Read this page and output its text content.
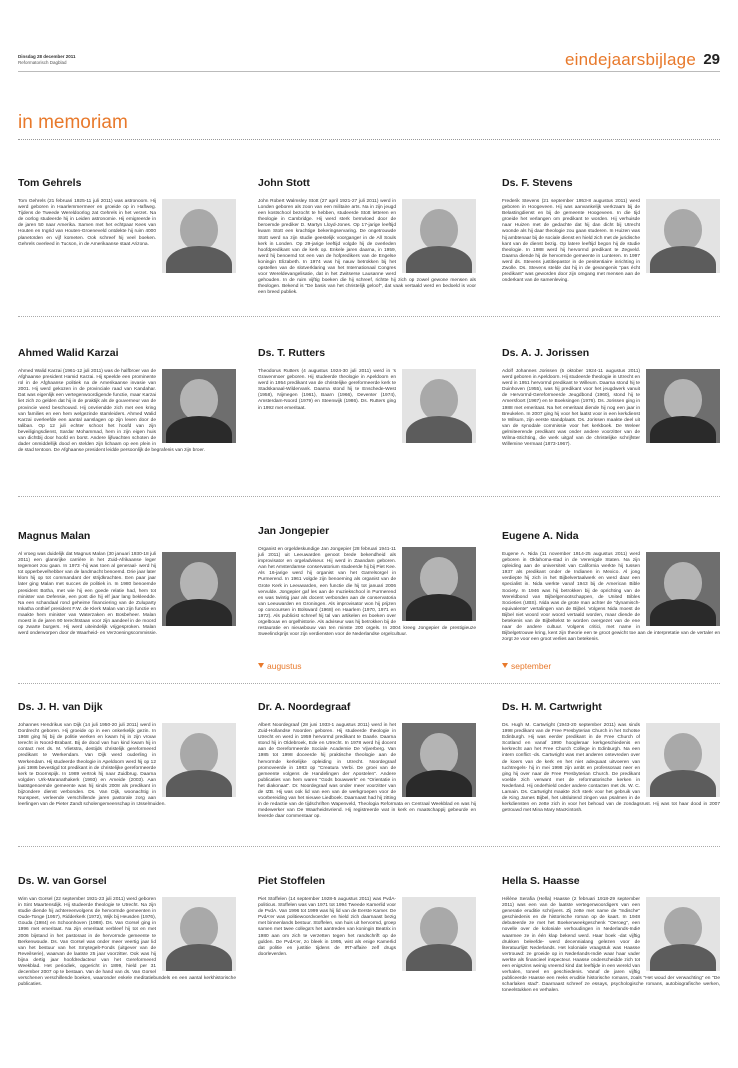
Dinsdag 28 december 2011
Reformatorisch Dagblad	eindejaarsbijlage 29
in memoriam
Tom Gehrels

Tom Gehrels (21 februari 1925-11 juli 2011) was astronoom. Hij werd geboren in Haarlemmermeer en groeide op in Haflweg. Tijdens de Tweede Wereldoorlog zat Gehrels in het verzet. Na de oorlog studeerde hij in Leiden astronomie. Hij emigreerde in de jaren 50 naar Amerika. Samen met het echtpaar Kees van Houten en Ingrid van Houten-Groeneveld ontdekte hij ruim 4000 planetoïden en vijf kometen. Ook schreef hij veel boeken. Gehrels overleed in Tucson, in de Amerikaanse staat Arizona.

John Stott

John Robert Walmsley Stott (27 april 1921-27 juli 2011) werd in Londen geboren als zoon van een militaire arts. Na in zijn jeugd een kostschool bezocht te hebben, studeerde Stott letteren en theologie in Cambridge. Hij werd sterk beïnvloed door de beroemde prediker D. Martyn Lloyd-Jones. Op 17-jarige leeftijd kwam Stott een krachtige bekeringservaring. De ongetrouwde Stott werd na zijn studie geestelijk voorganger in de All Souls kerk in Londen. Op 29-jarige leeftijd volgde hij de overleden hoofdpredikant van de kerk op. Enkele jaren daarna, in 1959, werd hij benoemd tot een van de hofpredikers van de Engelse koningin Elizabeth. In 1974 was hij nauw betrokken bij het opstellen van de slotverklaring van het Internationaal Congres voor Wereldevangelisatie, dat in het Zwitserse Lausanne werd gehouden. In de ruim vijftig boeken die hij schreef, richtte hij zich op zowel gewone mensen als theologen. Bekend is "De basis van het christelijk geloof", dat vaak vertaald werd en bedoeld is voor een breed publiek.

Ds. F. Stevens

Frederik Stevens (21 september 1953-8 augustus 2011) werd geboren in Hoogeveen. Hij was aanvankelijk werkzaam bij de Belastingdienst en bij de gemeente Hoogeveen. In die tijd groeide het verlangen om predikant te worden. Hij verhuisde naar Huizen met de gedachte dat hij dan dicht bij Utrecht woonde als hij daar theologie zou gaan studeren. In Huizen was hij ambtenaar bij de sociale dienst en hield zich met de juridische kant van de dienst bezig. Op latere leeftijd begon hij de studie theologie. In 1988 werd hij hervormd predikant te Zegveld. Daarna diende hij de hervormde gemeente in Lunteren. In 1997 werd ds. Stevens justitiepastor in de penitentiaire inrichting in Zwolle. Ds. Stevens stelde dat hij in de gevangenis "pas écht predikant" was geworden door zijn omgang met mensen aan de onderkant van de samenleving.

Ahmed Walid Karzai

Ahmed Walid Karzai (1961-12 juli 2011) was de halfbroer van de Afghaanse president Hamid Karzai. Hij speelde een prominente rol in de Afghaanse politiek na de Amerikaanse invasie van 2001. Hij werd gekozen in de provinciale raad van Kandahar. Dat was eigenlijk een vertegenwoordigende functie, maar Karzai liet zich zo gelden dat hij in de praktijk als de gouverneur van de provincie werd beschouwd. Hij onvriendde zich met een kring van families en een hem welgezinde stamleiders. Ahmed Walid Karzai overleefde een aantal aanslagen op zijn leven door de taliban. Op 12 juli echter schoot het hoofd van zijn beveiligingsdienst, Sardar Mohammad, hem in zijn eigen huis van dichtbij door hoofd en borst. Andere lijfwachten schoten de dader onmiddellijk dood en stelden zijn lichaam op een plein in de stad tentoon. De Afghaanse president leidde persoonlijk de begrafenis van zijn broer.

Ds. T. Rutters

Theodorus Rutters (4 augustus 1924-30 juli 2011) werd in 's Gravenmoer geboren. Hij studeerde theologie in Apeldoorn en werd in 1954 predikant van de christelijke gereformeerde kerk te Stadskanaal-Wildervank. Daarna stond hij te Enschede-West (1958), Nijmegen (1961), Baarn (1966), Deventer (1974), Amsterdam-Noord (1979) en Steenwijk (1986). Ds. Rutters ging in 1992 met emeritaat.

Ds. A. J. Jorissen

Adolf Johannes Jorissen (5 oktober 1924-11 augustus 2011) werd geboren in Apeldoorn. Hij studeerde theologie in Utrecht en werd in 1951 hervormd predikant te Willeum. Daarna stond hij te Duinhoven (1955), was hij predikant voor het jeugdwerk vanuit de Hervormd-Gereformeerde Jeugdbond (1960), stond hij te Amersfoort (1967) en te Boeksingen (1976). Ds. Jorissen ging in 1988 met emeritaat. Na het emeritaat diende hij nog een jaar in Breukelen. In 2007 ging hij voor het laatst voor in een kerkdienst te Wilsum, zijn eerste standplaats. Ds. Jorissen maakte deel uit van de synodale commissie voor het kerkboek. De Weleer gelmiteerende predikant was onder andere voorzitter van de Wilma-Stichting, die werk uitgaf van de christelijke schrijfster Willemine Vermaat (1873-1967).

Magnus Malan

Al vroeg was duidelijk dat Magnus Malan (30 januari 1930-18 juli 2011) een glansrijke carrière in het Zuid-Afrikaanse leger tegemoet zou gaan. In 1973 -hij was toen al generaal- werd hij tot opperbevelhebber van de landmacht benoemd. Drie jaar later klom hij op tot commandant der strijdkrachten. Een paar jaar later ging Malan met succes de politiek in. In 1980 benoemde president Botha, met wie hij een goede relatie had, hem tot minister van Defensie, een post die hij elf jaar lang bekleedde. Na een schandaal rond geheime financiering van de Zuluparty Inkatha onthief president F.W. de Klerk Malan van zijn functie en maakte hem minister van Waterzaken en Bosbeheer. Malan moest in de jaren 90 terechtstaan voor zijn aandeel in de moord op zwarte burgers. Hij werd uiteindelijk vrijgesproken. Malan werd onderworpen door de Waarheid- en Verzoeningscommissie.

Jan Jongepier

Organist en orgeldeskundige Jan Jongepier (28 februari 1941-11 juli 2011) uit Leeuwarden genoot brede bekendheid als improvisator en orgeladviseur. Hij werd in Zaandam geboren. Aan het Amsterdamse conservatorium studeerde hij bij Piet Kee. Als 16-jarige werd hij organist van het Garrelsorgel in Purmerend. In 1961 volgde zijn benoeming als organist van de Grote Kerk in Leeuwarden, een functie die hij tot januari 2006 vervulde. Jongepier gaf les aan de muziekschool in Purmerend en was twintig jaar als docent verbonden aan de conservatoria van Leeuwarden en Groningen. Als improvisator won hij prijzen op concoursen in Bolsward (1968) en Haarlem (1970, 1971 en 1972). Als publicist schreef hij tal van artikelen en boeken over orgelbouw en orgelhistorie. Als adviseur was hij betrokken bij de restauratie en nieuwbouw van ten minste 200 orgels. In 2004 kreeg Jongepier de prestigieuze Sweelinckprijs voor zijn verdiensten voor de Nederlandse orgelcultuur.

Eugene A. Nida

Eugene A. Nida (11 november 1914-25 augustus 2011) werd geboren in Oklahoma-stad in de Verenigde Staten. Na zijn opleiding aan de universiteit van California werkte hij tussen 1937 als predikant onder de Indianen in Mexico. Al jong verdiepte hij zich in het Bijbelvertaalwerk en werd daar een specialist in. Nida werkte vanaf 1943 bij de American Bible Society. In 1946 was hij betrokken bij de oprichting van de Wereldbond van Bijbelgenootschappen, de United Bibles Societies (UBS). Nida was de grote man achter de "dynamisch-equivalente" vertalingen van de Bijbel. Volgens Nida moest de Bijbel niet woord voor woord vertaald worden, maar diende de betekenis van de Bijbeltekst te worden overgezet van de ene naar de andere cultuur. Volgens critici, met name in Bijbelgetrouwe kring, kent zijn theorie een te groot gewicht toe aan de interpretatie van de vertaler en zorgt ze voor een groot verlies aan betekenis.

augustus	september
Ds. J. H. van Dijk

Johannes Hendrikus van Dijk (14 juli 1950-20 juli 2011) werd in Dordrecht geboren. Hij groeide op in een onkerkelijk gezin. In 1968 ging hij bij de politie werken en kwam hij in zijn vrouw terecht in Noord-Brabant. Bij de dood van hun kind kwam hij in contact met ds. M. Vlietstra, destijds christelijk gereformeerd predikant te Werkendam. Van Dijk werd ouderling in Werkendam. Hij studeerde theologie in Apeldoorn werd hij op 12 juni 1986 bevestigd tot predikant in de christelijke gereformeerde kerk te Doornspijk. In 1989 vertrok hij naar Zuidbrug. Daarna volgden Urk-Maranathakerk (1993) en Ameide (2003). Aan laatstgenoemde gemeente was hij sinds 2008 als predikant in bijzondere dienst verbonden. Ds. Van Dijk, woonachtig in Nunspeet, verleende verschillende jaren pastorale zorg aan leerlingen van de Pieter Zandt scholengemeenschap in IJsselmuiden.

Dr. A. Noordegraaf

Albert Noordegraaf (28 juni 1933-1 augustus 2011) werd in het Zuid-Hollandse Noorden geboren. Hij studeerde theologie in Utrecht en werd in 1959 hervormd predikant te Daarle. Daarna stond hij in Oldebroek, Ede en Utrecht. In 1978 werd hij docent aan de Gereformeerde Sociale Academie De Vijverberg. Van 1985 tot 1998 doceerde hij praktische theologie aan de hervormde kerkelijke opleiding in Utrecht. Noordegraaf promoveerde in 1983 op "Creatura Verbi. De groei van de gemeente volgens de Handelingen der Apostelen". Andere publicaties van hem waren "Gods bouwwerk" en "Orientatie in het diakonaat". Dr. Noordegraaf was onder meer voorzitter van de IZB. Hij was ook lid van een van de werkgroepen voor de voorbereiding van het nieuwe Liedboek. Daarnaast had hij zitting in de redactie van de tijdschriften Wapenveld, Theologia Reformata en Centraal Weekblad en was hij medewerker van De Waarheidsvriend. Hij registreerde wat in kerk en maatschappij gebeurde en leverde daar commentaar op.

Ds. H. M. Cartwright

Ds. Hugh M. Cartwright (1943-20 september 2011) was sinds 1998 predikant van de Free Presbyterian Church in het Schotse Edinburgh. Hij was eerder predikant in de Free Church of Scotland en vanaf 1990 hoogleraar kerkgeschiedenis en kerkrecht aan het Free Church College in Edinburgh. Na een intern conflict -ds. Cartwright was met anderen ontevreden over de koers van de kerk en het niet adequaat uitvoeren van tuchtregels- hij in mei 1998 zijn ambt en professoraat neer en ging hij over naar de Free Presbyterian Church. De predikant voelde zich verwant met de reformatorische kerken in Nederland. Hij onderhield onder andere contacten met ds. W. C. Lamain. Ds. Cartwright maakte zich sterk voor het gebruik van de King James Bijbel, het uitsluitend zingen van psalmen in de kerkdiensten en zette zich in voor het behoud van de zondagsrust. Hij was tot haar dood in 2007 getrouwd met Mina Mary MacKintosh.

Ds. W. van Gorsel

Wim van Gorsel (22 september 1931-23 juli 2011) werd geboren in Sint Maartensdijk. Hij studeerde theologie te Utrecht. Na zijn studie diende hij achtereenvolgens de hervormde gemeenten in Oude-Tonge (1957), Ridderkerk (1972), Wijk bij Heusden (1976), Gouda (1984) en Schoonhoven (1988). Ds. Van Gorsel ging in 1996 met emeritaat. Na zijn emeritaat verbleef hij tot en met 2006 bijstand in het pastoraat in de hervormde gemeente te Berkenwoude. Ds. Van Gorsel was onder meer veertig jaar lid van het bestuur van het Smytegelt-Fonds (uitgever van de Reveilserie), waarvan de laatste 25 jaar voorzitter. Ook was hij bijna dertig jaar hoofdredacteur van het Gereformeerd Weekblad. Het periodiek, opgericht in 1899, hield per 31 december 2007 op te bestaan. Van de hand van ds. Van Gorsel verschenen verschillende boeken, waaronder enkele meditatiebundels en een aantal kerkhistorische publicaties.

Piet Stoffelen

Piet Stoffelen (14 september 1928-5 augustus 2011) was PvdA-politicus. Stoffelen was van 1971 tot 1994 Tweede Kamerlid voor de PvdA. Van 1996 tot 1999 was hij lid van de Eerste Kamer. De PvdA'er was politiewoordvoerder en hield zich daarnaast bezig met binnenlands bestuur. Stoffelen, van huis uit hervormd, groep samen met twee collega's het aantreden van koningin Beatrix in 1980 aan om zich te verzetten tegen het randschrift op de gulden. De PvdA'er, zo bleek in 1995, wist als enige Kamerlid dat politie en justitie tijdens de IRT-affaire zelf drugs doorleverden.

Hella S. Haasse

Hélène Serafia (Hella) Haasse (2 februari 1918-29 september 2011) was een van de laatste vertegenwoordigers van een generatie eruditie schrijvers. Zij zette met name de "Indische" geschiedenis en de historische roman op de kaart. In 1948 debuteerde ze met het Boekenweekgeschenk "Oeroeg", een novelle over de koloniale verhoudingen in Nederlands-Indië waarmee ze in één klap bekend werd. Haar boek -dat vijftig drukken beleefde- werd decennialang gelezen voor de literatuurlijst Nederlands. Het koloniale vraagstuk was Haasse vertrouwd: ze groeide op in Nederlands-Indië waar haar vader werkte als financieel inspecteur. Haasse onderscheidde zich tot een enigszins weinig vreemd kind dat leeftijde in een wereld van verhalen, toneel en geschiedenis. Vanaf de jaren vijftig publiceerde Haasse een reeks eruditie historische romans, zoals "Het woud der verwachting" en "De scharlaken stad". Daarnaast schreef ze essays, psychologische romans, autobiografische werken, toneelstukken en verhalen.
